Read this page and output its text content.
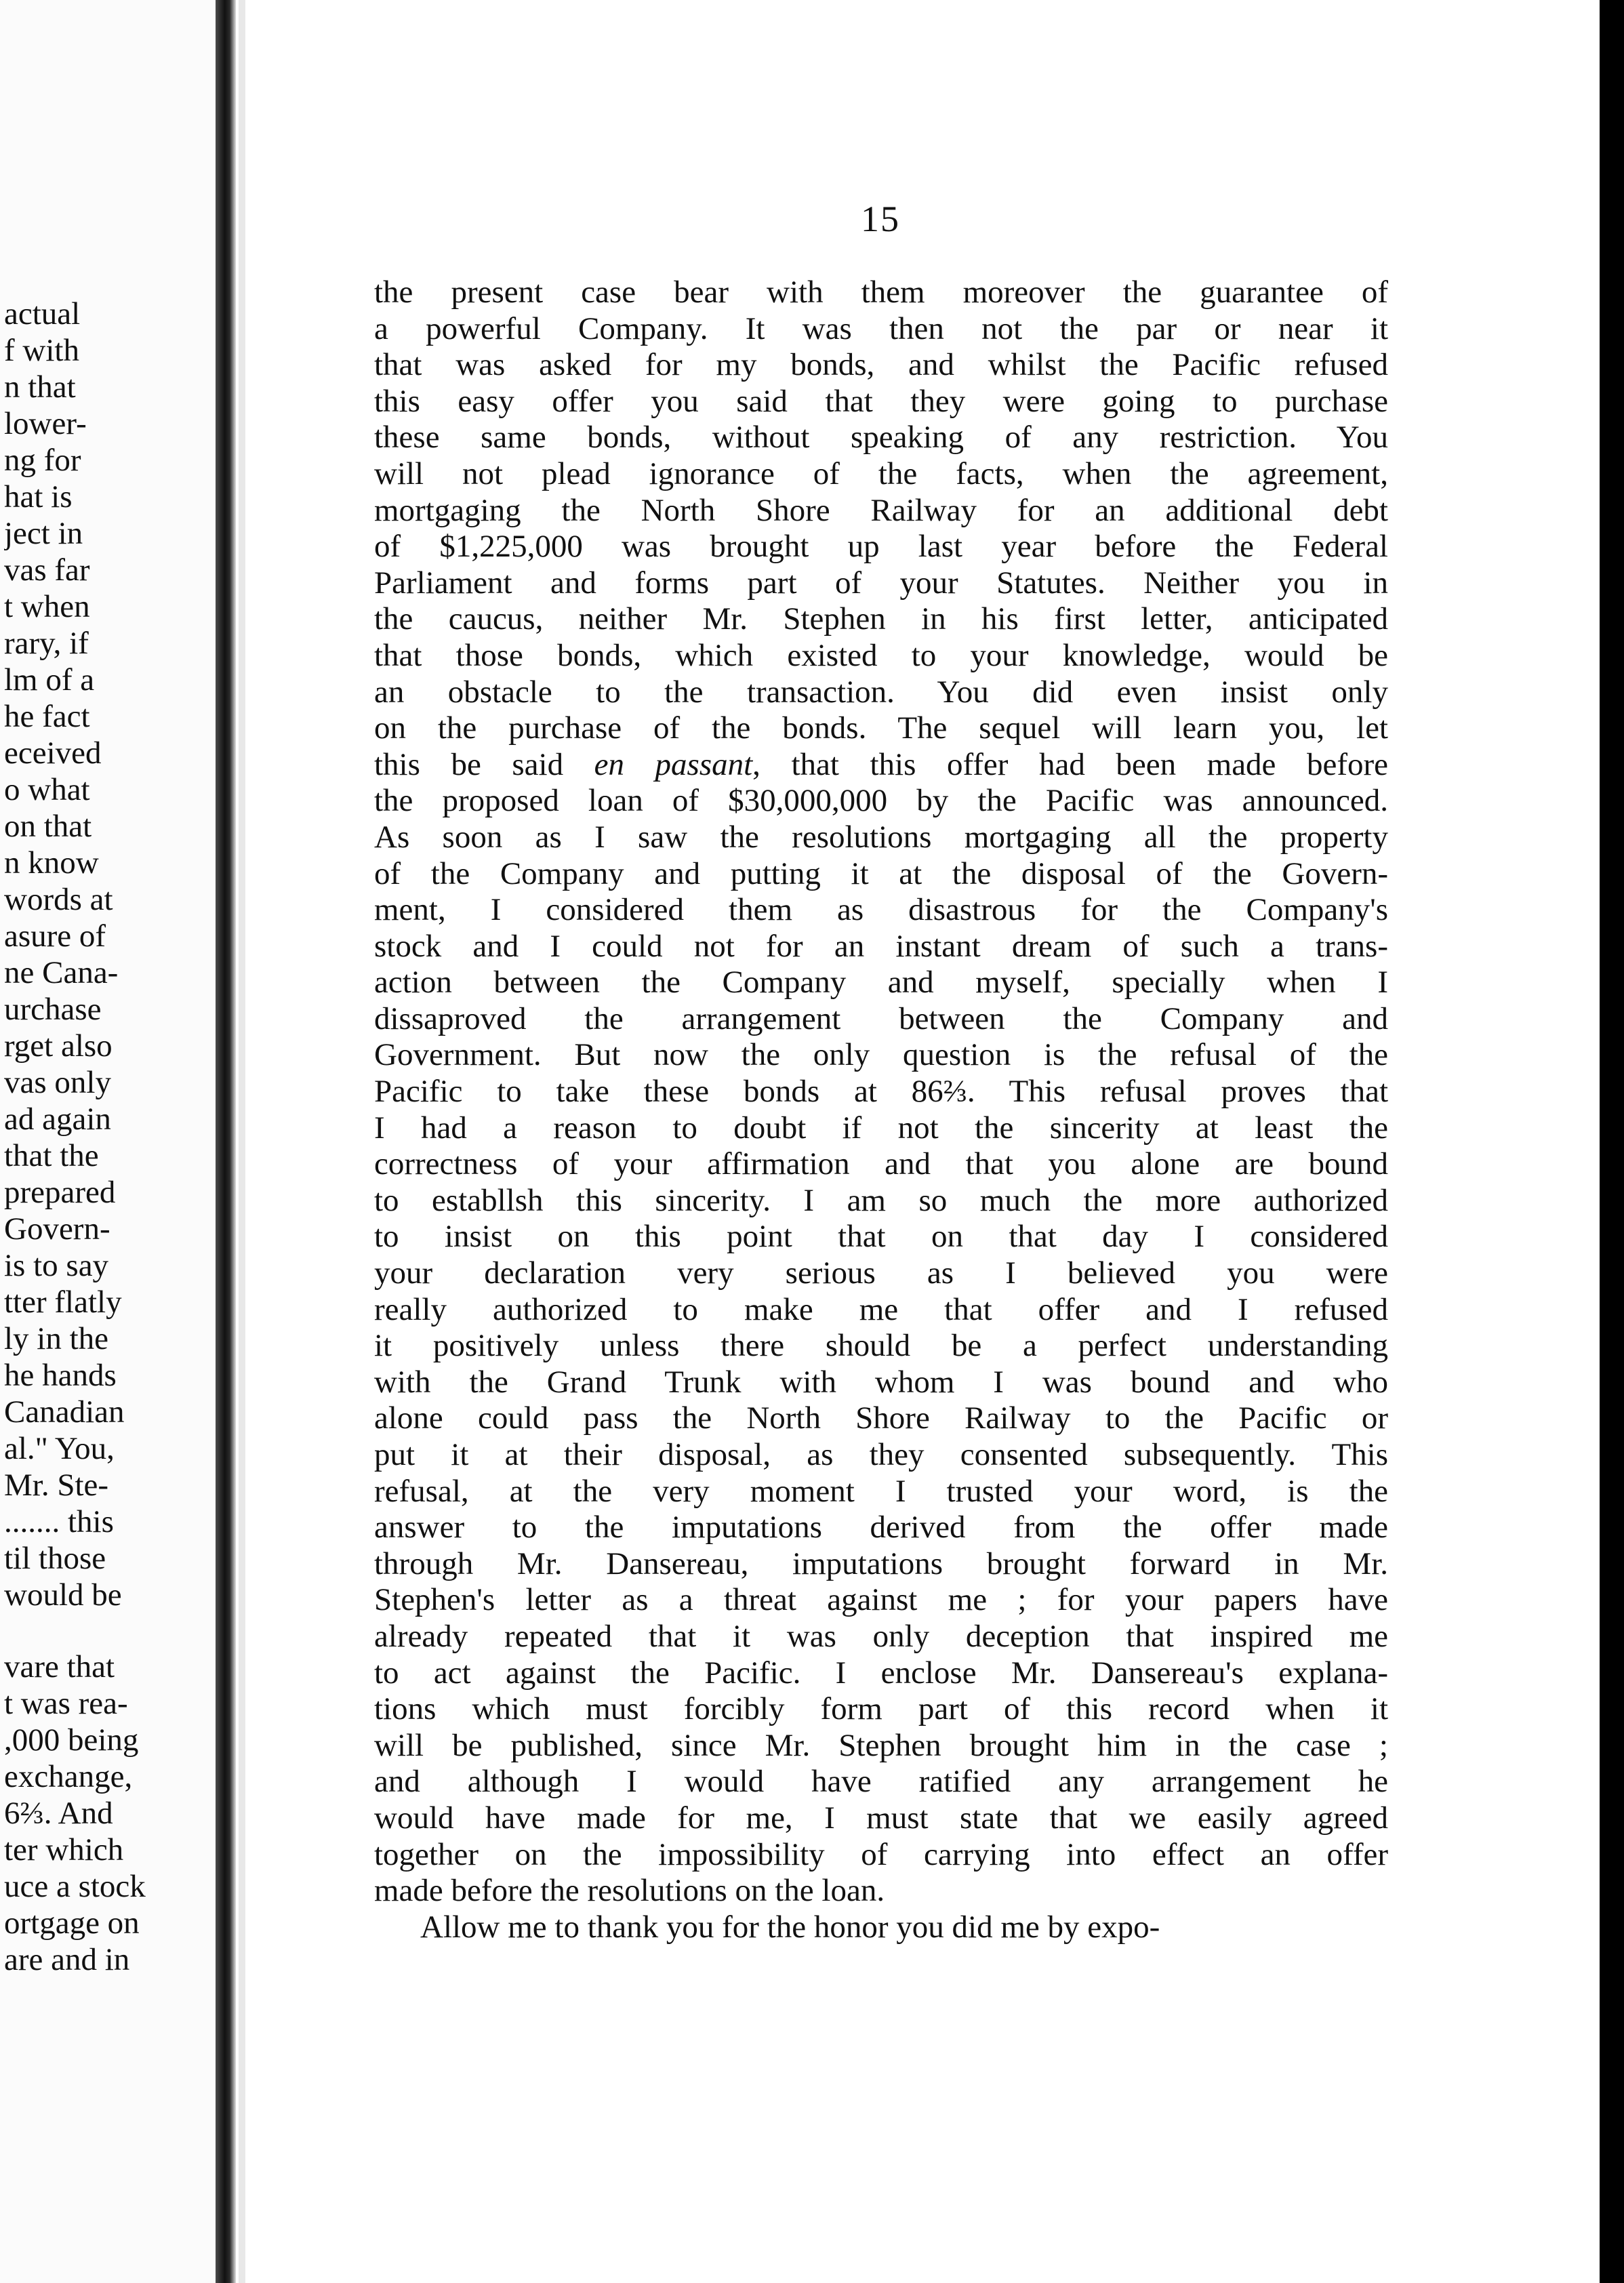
actual
f with
n that
lower-
ng for
hat is
ject in
vas far
t when
rary, if
lm of a
he fact
eceived
o what
on that
n know
words at
asure of
ne Cana-
urchase
rget also
vas only
ad again
that the
prepared
Govern-
is to say
tter flatly
ly in the
he hands
Canadian
al." You,
Mr. Ste-
....... this
til those
would be
vare that
t was rea-
,000 being
exchange,
6⅔. And
ter which
uce a stock
ortgage on
are and in
15
the present case bear with them moreover the guarantee of
a powerful Company. It was then not the par or near it
that was asked for my bonds, and whilst the Pacific refused
this easy offer you said that they were going to purchase
these same bonds, without speaking of any restriction. You
will not plead ignorance of the facts, when the agreement,
mortgaging the North Shore Railway for an additional debt
of $1,225,000 was brought up last year before the Federal
Parliament and forms part of your Statutes. Neither you in
the caucus, neither Mr. Stephen in his first letter, anticipated
that those bonds, which existed to your knowledge, would be
an obstacle to the transaction. You did even insist only
on the purchase of the bonds. The sequel will learn you, let
this be said en passant, that this offer had been made before
the proposed loan of $30,000,000 by the Pacific was announced.
As soon as I saw the resolutions mortgaging all the property
of the Company and putting it at the disposal of the Govern-
ment, I considered them as disastrous for the Company's
stock and I could not for an instant dream of such a trans-
action between the Company and myself, specially when I
dissaproved the arrangement between the Company and
Government. But now the only question is the refusal of the
Pacific to take these bonds at 86⅔. This refusal proves that
I had a reason to doubt if not the sincerity at least the
correctness of your affirmation and that you alone are bound
to establlsh this sincerity. I am so much the more authorized
to insist on this point that on that day I considered
your declaration very serious as I believed you were
really authorized to make me that offer and I refused
it positively unless there should be a perfect understanding
with the Grand Trunk with whom I was bound and who
alone could pass the North Shore Railway to the Pacific or
put it at their disposal, as they consented subsequently. This
refusal, at the very moment I trusted your word, is the
answer to the imputations derived from the offer made
through Mr. Dansereau, imputations brought forward in Mr.
Stephen's letter as a threat against me ; for your papers have
already repeated that it was only deception that inspired me
to act against the Pacific. I enclose Mr. Dansereau's explana-
tions which must forcibly form part of this record when it
will be published, since Mr. Stephen brought him in the case ;
and although I would have ratified any arrangement he
would have made for me, I must state that we easily agreed
together on the impossibility of carrying into effect an offer
made before the resolutions on the loan.
Allow me to thank you for the honor you did me by expo-
